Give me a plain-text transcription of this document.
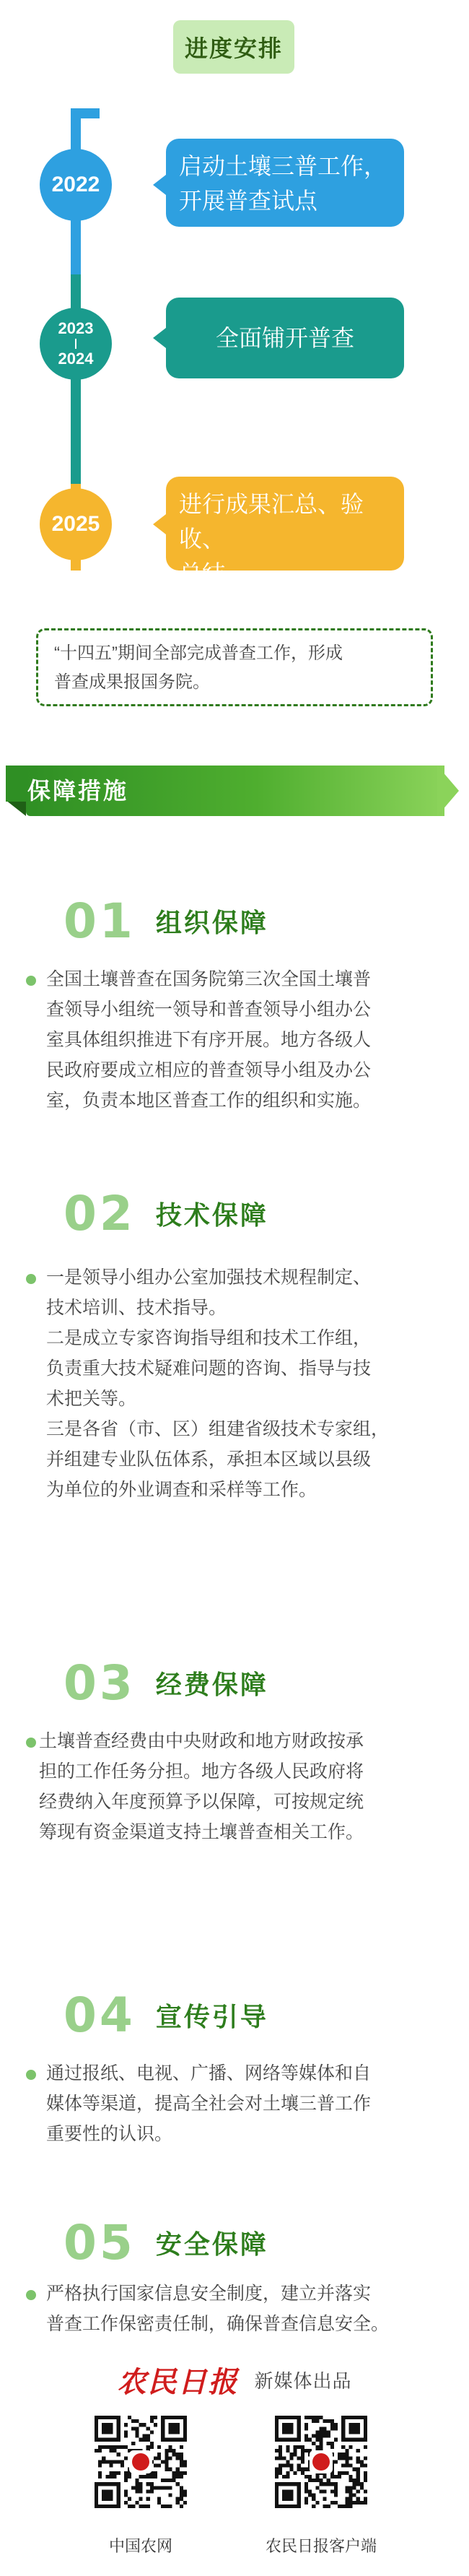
进度安排
2022
启动土壤三普工作，
开展普查试点
2023
2024
全面铺开普查
2025
进行成果汇总、验收、
总结
“十四五”期间全部完成普查工作，形成
普查成果报国务院。
保障措施
01 组织保障

全国土壤普查在国务院第三次全国土壤普

查领导小组统一领导和普查领导小组办公

室具体组织推进下有序开展。地方各级人

民政府要成立相应的普查领导小组及办公

室，负责本地区普查工作的组织和实施。

02 技术保障

一是领导小组办公室加强技术规程制定、

技术培训、技术指导。

二是成立专家咨询指导组和技术工作组，

负责重大技术疑难问题的咨询、指导与技

术把关等。

三是各省（市、区）组建省级技术专家组，

并组建专业队伍体系，承担本区域以县级

为单位的外业调查和采样等工作。

03 经费保障

土壤普查经费由中央财政和地方财政按承

担的工作任务分担。地方各级人民政府将

经费纳入年度预算予以保障，可按规定统

筹现有资金渠道支持土壤普查相关工作。

04 宣传引导

通过报纸、电视、广播、网络等媒体和自

媒体等渠道，提高全社会对土壤三普工作

重要性的认识。

05 安全保障

严格执行国家信息安全制度，建立并落实

普查工作保密责任制，确保普查信息安全。

农民日报 新媒体出品
中国农网	农民日报客户端
